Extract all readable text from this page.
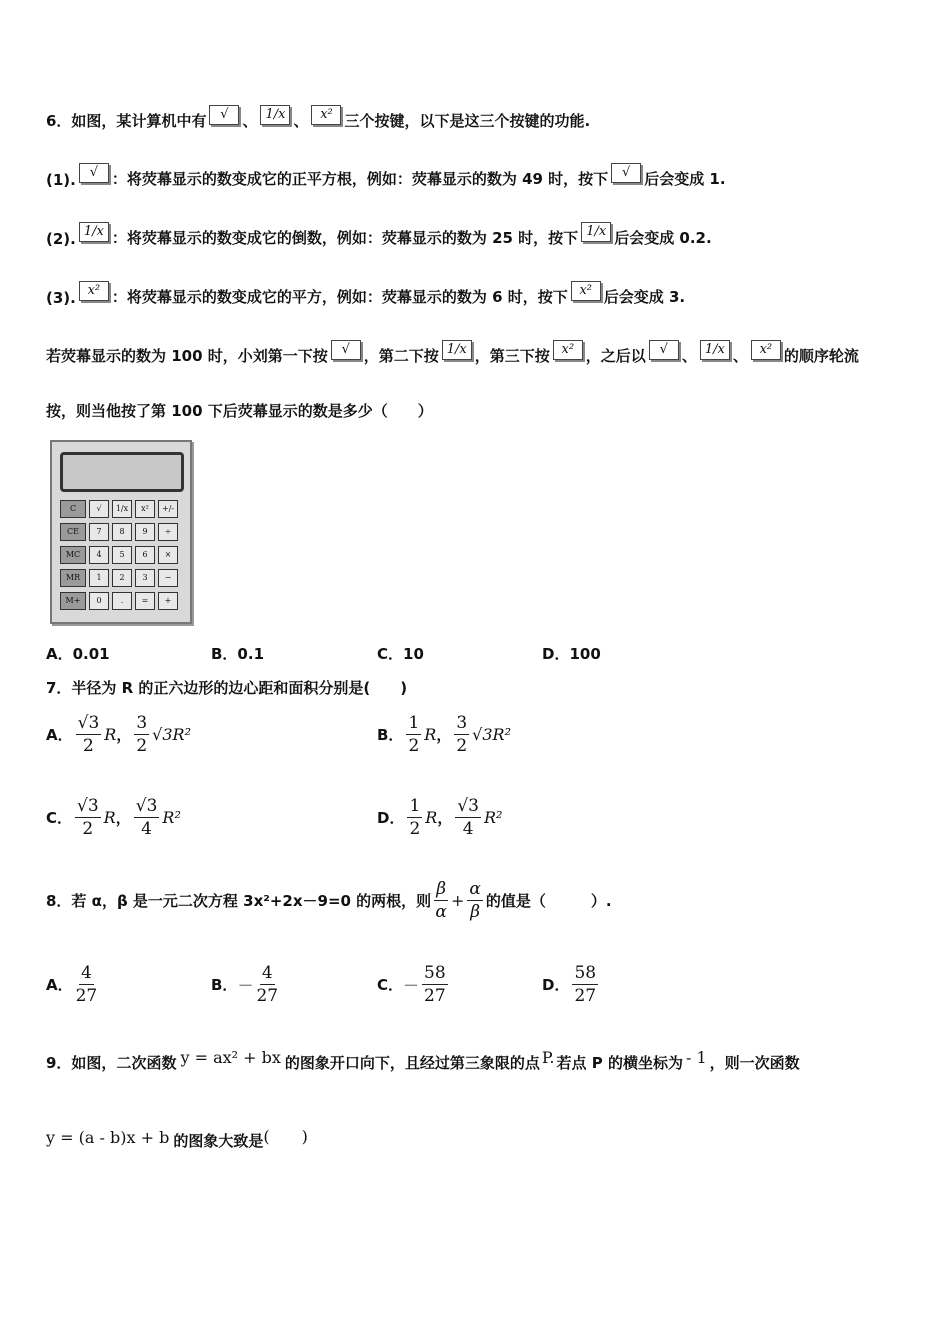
6．如图，某计算机中有	√ 、 1/x 、 x² 三个按键，以下是这三个按键的功能.
(1).	√ ：将荧幕显示的数变成它的正平方根，例如：荧幕显示的数为 49 时，按下	√ 后会变成 1.
(2). 1/x ：将荧幕显示的数变成它的倒数，例如：荧幕显示的数为 25 时，按下 1/x 后会变成 0.2.
(3). x² ：将荧幕显示的数变成它的平方，例如：荧幕显示的数为 6 时，按下 x² 后会变成 3.
若荧幕显示的数为 100 时，小刘第一下按	√ ，第二下按 1/x ，第三下按 x² ，之后以	√ 、 1/x 、 x² 的顺序轮流
按，则当他按了第 100 下后荧幕显示的数是多少（　　）
C	√	1/x	x²	+/-
CE	7	8	9	÷
MC	4	5	6	×
MR	1	2	3	−
M+	0	.	=	+
A．0.01	B．0.1	C．10	D．100
7．半径为 R 的正六边形的边心距和面积分别是(　　)
A． $\frac{√3}{2}$ R ， $\frac{3}{2} √3R^2$	B． $\frac{1}{2}$ R ， $\frac{3}{2} √3R^2$
C． $\frac{√3}{2}$ R ， $\frac{√3}{4} R^2$	D． $\frac{1}{2}$ R ， $\frac{√3}{4} R^2$
8．若 α，β 是一元二次方程 3x²+2x－9=0 的两根，则 $\frac{\beta}{\alpha} + \frac{\alpha}{\beta}$ 的值是（　　　）.
A． $\frac{4}{27}$	B． － $\frac{4}{27}$	C． － $\frac{58}{27}$	D． $\frac{58}{27}$
9．如图，二次函数 y = ax² + bx 的图象开口向下，且经过第三象限的点 P. 若点 P 的横坐标为 - 1 ，则一次函数
y = (a - b)x + b 的图象大致是 (　　)
